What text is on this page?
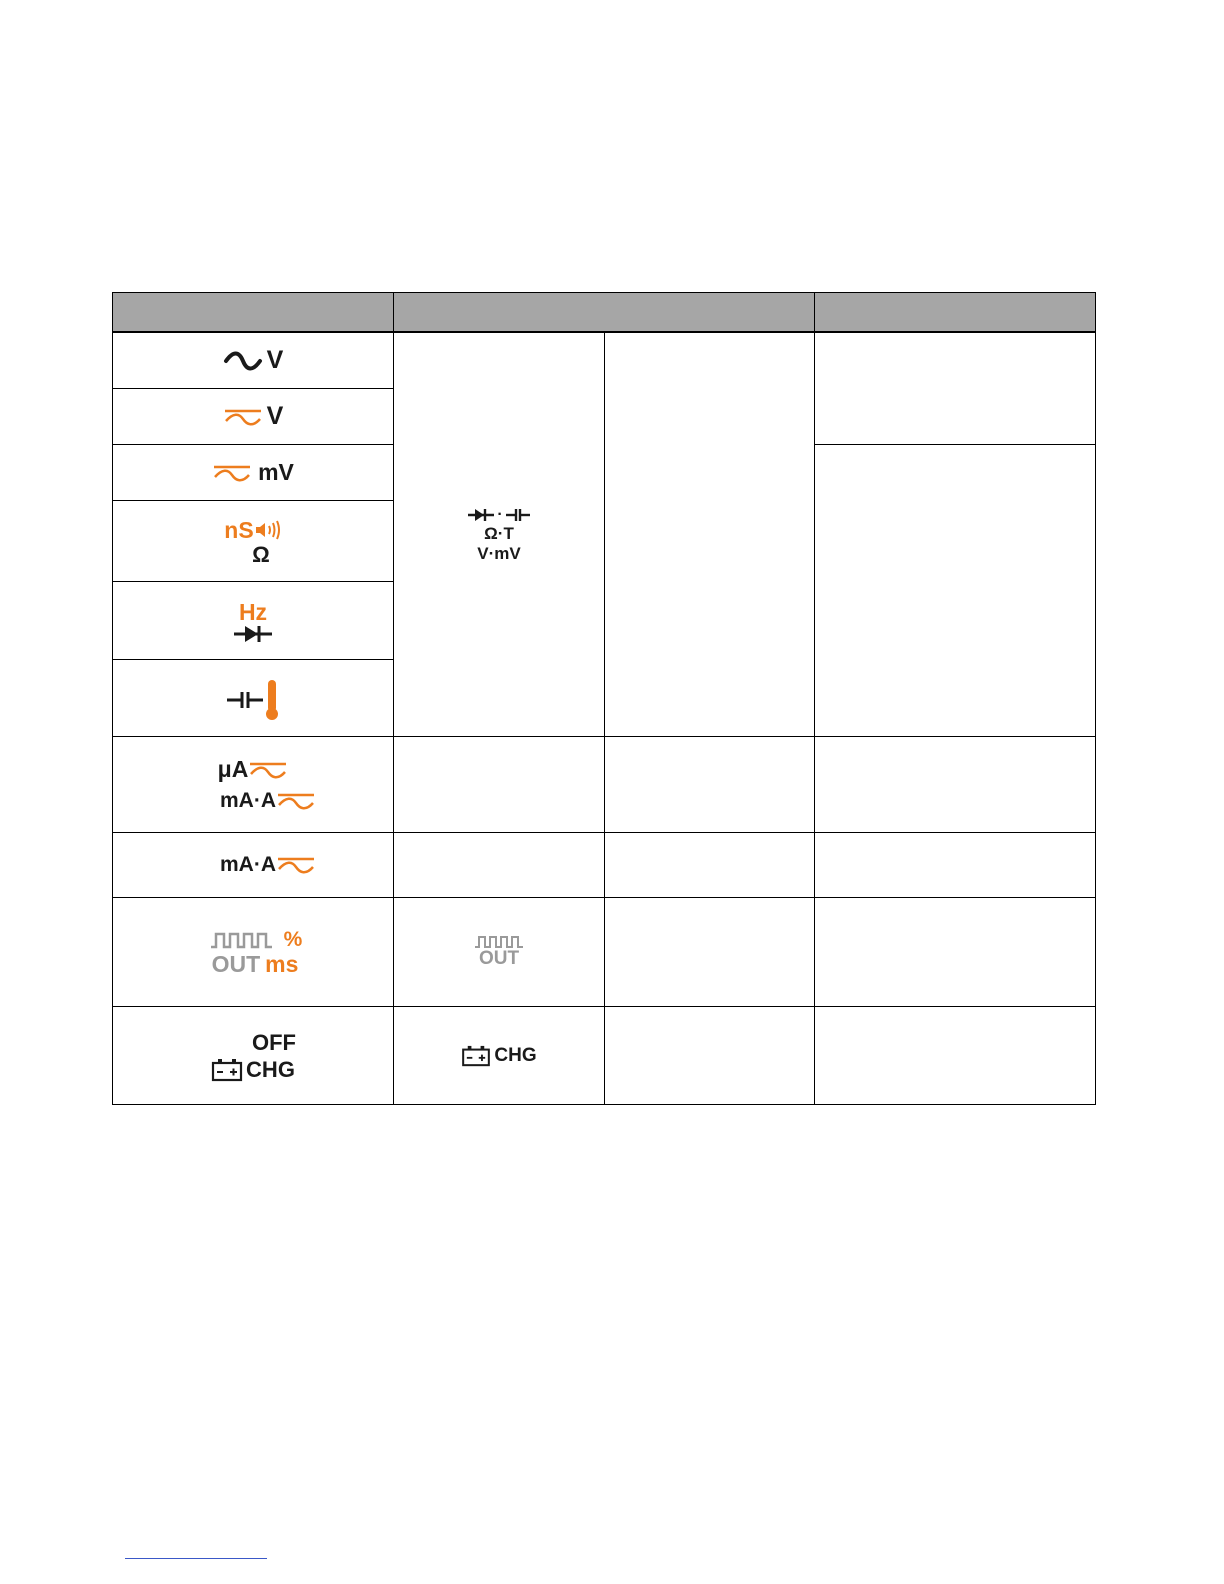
V
V
mV
nS
Ω
Hz
μA
mA·A
mA·A
%
OUT ms
OFF
CHG
·
Ω·T
V·mV
OUT
CHG
